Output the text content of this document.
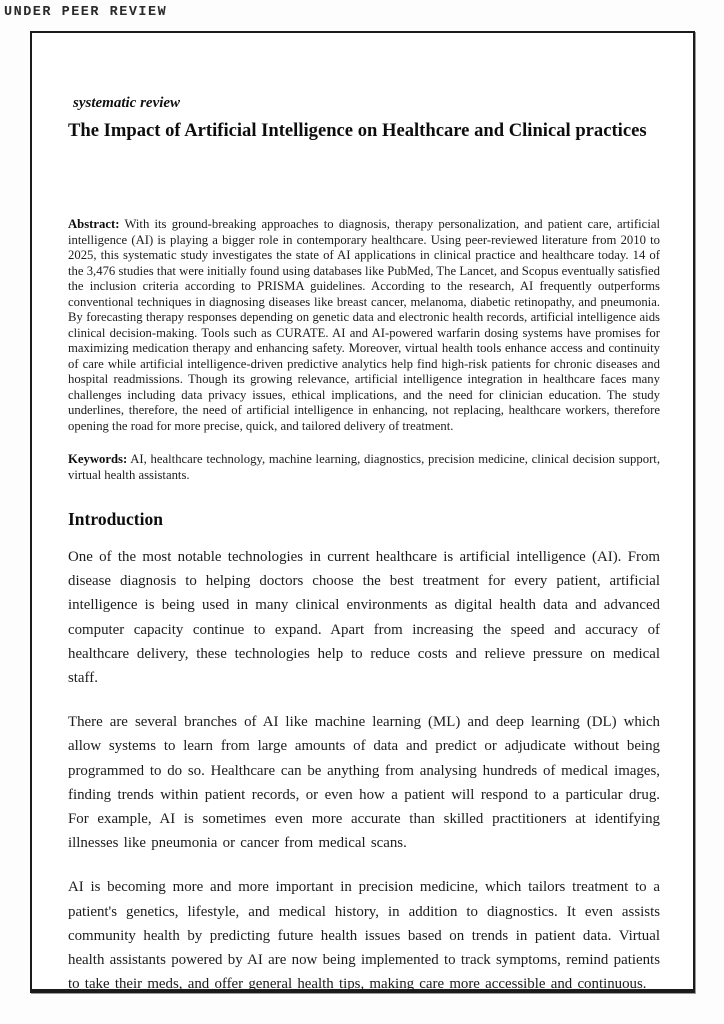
UNDER PEER REVIEW
systematic review
The Impact of Artificial Intelligence on Healthcare and Clinical practices

Abstract: With its ground-breaking approaches to diagnosis, therapy personalization, and patient care, artificial intelligence (AI) is playing a bigger role in contemporary healthcare. Using peer-reviewed literature from 2010 to 2025, this systematic study investigates the state of AI applications in clinical practice and healthcare today. 14 of the 3,476 studies that were initially found using databases like PubMed, The Lancet, and Scopus eventually satisfied the inclusion criteria according to PRISMA guidelines. According to the research, AI frequently outperforms conventional techniques in diagnosing diseases like breast cancer, melanoma, diabetic retinopathy, and pneumonia. By forecasting therapy responses depending on genetic data and electronic health records, artificial intelligence aids clinical decision-making. Tools such as CURATE. AI and AI-powered warfarin dosing systems have promises for maximizing medication therapy and enhancing safety. Moreover, virtual health tools enhance access and continuity of care while artificial intelligence-driven predictive analytics help find high-risk patients for chronic diseases and hospital readmissions. Though its growing relevance, artificial intelligence integration in healthcare faces many challenges including data privacy issues, ethical implications, and the need for clinician education. The study underlines, therefore, the need of artificial intelligence in enhancing, not replacing, healthcare workers, therefore opening the road for more precise, quick, and tailored delivery of treatment.

Keywords: AI, healthcare technology, machine learning, diagnostics, precision medicine, clinical decision support, virtual health assistants.

Introduction

One of the most notable technologies in current healthcare is artificial intelligence (AI). From disease diagnosis to helping doctors choose the best treatment for every patient, artificial intelligence is being used in many clinical environments as digital health data and advanced computer capacity continue to expand. Apart from increasing the speed and accuracy of healthcare delivery, these technologies help to reduce costs and relieve pressure on medical staff.

There are several branches of AI like machine learning (ML) and deep learning (DL) which allow systems to learn from large amounts of data and predict or adjudicate without being programmed to do so. Healthcare can be anything from analysing hundreds of medical images, finding trends within patient records, or even how a patient will respond to a particular drug. For example, AI is sometimes even more accurate than skilled practitioners at identifying illnesses like pneumonia or cancer from medical scans.

AI is becoming more and more important in precision medicine, which tailors treatment to a patient's genetics, lifestyle, and medical history, in addition to diagnostics. It even assists community health by predicting future health issues based on trends in patient data. Virtual health assistants powered by AI are now being implemented to track symptoms, remind patients to take their meds, and offer general health tips, making care more accessible and continuous.
